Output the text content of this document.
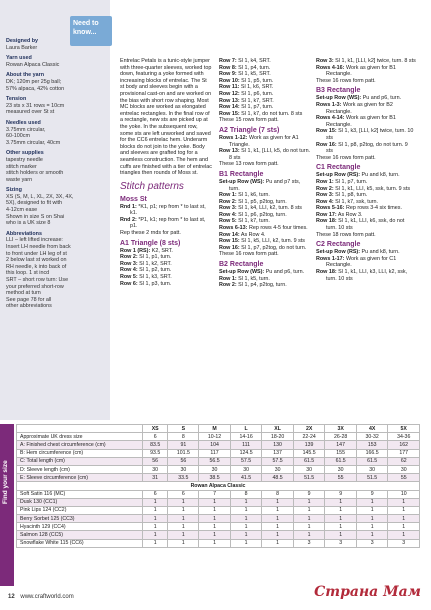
Need to know...
Designed by
Laura Barker
Yarn used
Rowan Alpaca Classic
About the yarn
DK; 120m per 25g ball;
57% alpaca, 42% cotton
Tension
23 sts x 31 rows = 10cm
measured over St st
Needles used
3.75mm circular,
60-100cm
3.75mm circular, 40cm
Other supplies
tapestry needle
stitch marker
stitch holders or smooth
waste yarn
Sizing
XS (S, M, L, XL, 2X, 3X, 4X,
5X), designed to fit with
4-12cm ease
Shown in size S on Shai
who is a UK size 8
Abbreviations
LLI – left lifted increase:
Insert LH needle from back
to front under LH leg of st
2 below last st worked on
RH needle, k into back of
this loop. 1 st incd
SRT – short row turn: Use
your preferred short-row
method at turn
See page 78 for all
other abbreviations

Entrelac Petals is a tunic-style jumper with three-quarter sleeves, worked top down, featuring a yoke formed with increasing blocks of entrelac. The St st body and sleeves begin with a provisional cast-on and are worked on the bias with short row shaping. Most MC blocks are worked as elongated entrelac rectangles. In the final row of a rectangle, new sts are picked up at the yoke. In the subsequent row, some sts are left unworked and saved for the CC6 entrelac hem. Underarm blocks do not join to the yoke. Body and sleeves are grafted tog for a seamless construction. The hem and cuffs are finished with a tier of entrelac triangles then rounds of Moss st.

Stitch patterns
Moss St

Rnd 1: *K1, p1; rep from * to last st, k1.

Rnd 2: *P1, k1; rep from * to last st, p1.

Rep these 2 rnds for patt.

A1 Triangle (8 sts)

Row 1 (RS): K2, SRT.

Row 2: Sl 1, p1, turn.

Row 3: Sl 1, k2, SRT.

Row 4: Sl 1, p2, turn.

Row 5: Sl 1, k3, SRT.

Row 6: Sl 1, p3, turn.

Row 7: Sl 1, k4, SRT.

Row 8: Sl 1, p4, turn.

Row 9: Sl 1, k5, SRT.

Row 10: Sl 1, p5, turn.

Row 11: Sl 1, k6, SRT.

Row 12: Sl 1, p6, turn.

Row 13: Sl 1, k7, SRT.

Row 14: Sl 1, p7, turn.

Row 15: Sl 1, k7, do not turn. 8 sts

These 15 rows form patt.

A2 Triangle (7 sts)

Rows 1-12: Work as given for A1 Triangle.

Row 13: Sl 1, k1, [LLI, k5, do not turn. 8 sts

These 13 rows form patt.

B1 Rectangle

Set-up Row (WS): Pu and p7 sts, turn.

Row 1: Sl 1, k6, turn.

Row 2: Sl 1, p5, p2tog, turn.

Row 3: Sl 1, k4, LLI, k2, turn. 8 sts

Row 4: Sl 1, p6, p2tog, turn.

Row 5: Sl 1, k7, turn.

Rows 6-13: Rep rows 4-5 four times.

Row 14: As Row 4.

Row 15: Sl 1, k5, LLI, k2, turn. 9 sts

Row 16: Sl 1, p7, p2tog, do not turn.

These 16 rows form patt.

B2 Rectangle

Set-up Row (WS): Pu and p6, turn.

Row 1: Sl 1, k5, turn.

Row 2: Sl 1, p4, p2tog, turn.

Row 3: Sl 1, k1, [LLI, k2] twice, turn. 8 sts

Rows 4-16: Work as given for B1 Rectangle.

These 16 rows form patt.

B3 Rectangle

Set-up Row (WS): Pu and p6, turn.

Rows 1-3: Work as given for B2 Rectangle.

Rows 4-14: Work as given for B1 Rectangle.

Row 15: Sl 1, k3, [LLI, k2] twice, turn. 10 sts

Row 16: Sl 1, p8, p2tog, do not turn. 9 sts

These 16 rows form patt.

C1 Rectangle

Set-up Row (RS): Pu and k8, turn.

Row 1: Sl 1, p7, turn.

Row 2: Sl 1, k1, LLI, k5, ssk, turn. 9 sts

Row 3: Sl 1, p8, turn.

Row 4: Sl 1, k7, ssk, turn.

Rows 5-16: Rep rows 3-4 six times.

Row 17: As Row 3.

Row 18: Sl 1, k1, LLI, k6, ssk, do not turn. 10 sts

These 18 rows form patt.

C2 Rectangle

Set-up Row (RS): Pu and k8, turn.

Rows 1-17: Work as given for C1 Rectangle.

Row 18: Sl 1, k1, LLI, k3, LLI, k2, ssk, turn. 10 sts

Find your size
	XS	S	M	L	XL	2X	3X	4X	5X
Approximate UK dress size	6	8	10-12	14-16	18-20	22-24	26-28	30-32	34-36
A: Finished chest circumference (cm)	83.5	91	104	111	130	139	147	153	162
B: Hem circumference (cm)	93.5	101.5	117	124.5	137	145.5	155	166.5	177
C: Total length (cm)	56	56	56.5	57.5	57.5	61.5	61.5	61.5	62
D: Sleeve length (cm)	30	30	30	30	30	30	30	30	30
E: Sleeve circumference (cm)	31	33.5	38.5	41.5	48.5	51.5	55	51.5	55
Rowan Alpaca Classic									
Soft Satin 116 (MC)	6	6	7	8	8	9	9	9	10
Dusk 130 (CC1)	1	1	1	1	1	1	1	1	1
Pink Lips 124 (CC2)	1	1	1	1	1	1	1	1	1
Berry Sorbet 125 (CC3)	1	1	1	1	1	1	1	1	1
Hyacinth 129 (CC4)	1	1	1	1	1	1	1	1	1
Salmon 128 (CC5)	1	1	1	1	1	1	1	1	1
Snowflake White 115 (CC6)	1	1	1	1	1	3	3	3	3
12 www.craftworld.com	Страна Мам
